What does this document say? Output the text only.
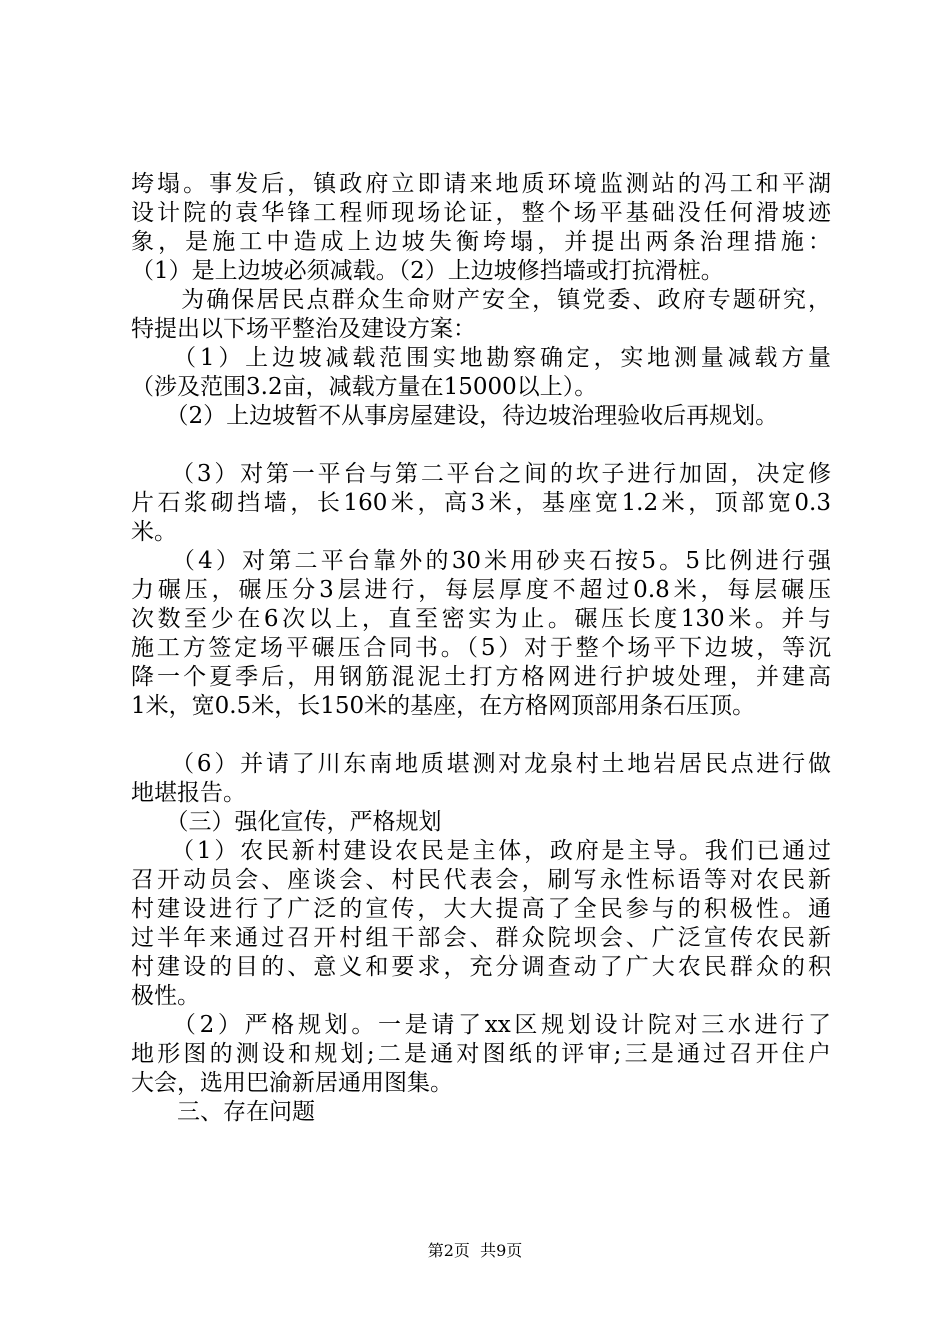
垮塌。事发后，镇政府立即请来地质环境监测站的冯工和平湖
设计院的袁华锋工程师现场论证，整个场平基础没任何滑坡迹
象，是施工中造成上边坡失衡垮塌，并提出两条治理措施：
（1）是上边坡必须减载。（2）上边坡修挡墙或打抗滑桩。
　　为确保居民点群众生命财产安全，镇党委、政府专题研究，
特提出以下场平整治及建设方案：
　　（1）上边坡减载范围实地勘察确定，实地测量减载方量
（涉及范围3.2亩，减载方量在15000以上）。
　　（2）上边坡暂不从事房屋建设，待边坡治理验收后再规划。
　　（3）对第一平台与第二平台之间的坎子进行加固，决定修
片石浆砌挡墙，长160米，高3米，基座宽1.2米，顶部宽0.3
米。
　　（4）对第二平台靠外的30米用砂夹石按5。5比例进行强
力碾压，碾压分3层进行，每层厚度不超过0.8米，每层碾压
次数至少在6次以上，直至密实为止。碾压长度130米。并与
施工方签定场平碾压合同书。（5）对于整个场平下边坡，等沉
降一个夏季后，用钢筋混泥土打方格网进行护坡处理，并建高
1米，宽0.5米，长150米的基座，在方格网顶部用条石压顶。
　　（6）并请了川东南地质堪测对龙泉村土地岩居民点进行做
地堪报告。
　　（三）强化宣传，严格规划
　　（1）农民新村建设农民是主体，政府是主导。我们已通过
召开动员会、座谈会、村民代表会，刷写永性标语等对农民新
村建设进行了广泛的宣传，大大提高了全民参与的积极性。通
过半年来通过召开村组干部会、群众院坝会、广泛宣传农民新
村建设的目的、意义和要求，充分调查动了广大农民群众的积
极性。
　　（2）严格规划。一是请了xx区规划设计院对三水进行了
地形图的测设和规划;二是通对图纸的评审;三是通过召开住户
大会，选用巴渝新居通用图集。
　　三、存在问题
第2页  共9页
